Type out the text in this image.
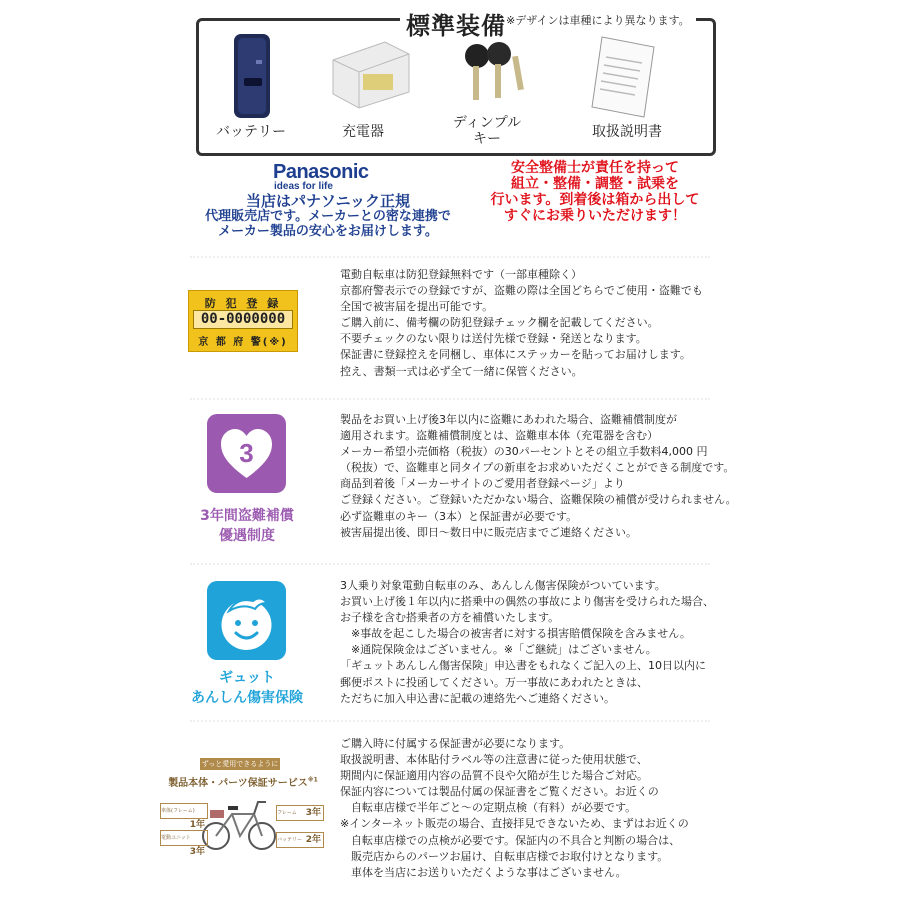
標準装備$^{※デザインは車種により異なります。}$
バッテリー	充電器
ディンプル
キー	取扱説明書
Panasonic
ideas for life
当店はパナソニック正規
代理販売店です。メーカーとの密な連携で
メーカー製品の安心をお届けします。
安全整備士が責任を持って
組立・整備・調整・試乗を
行います。到着後は箱から出して
すぐにお乗りいただけます！
防 犯 登 録
00-0000000
京 都 府 警(※)
電動自転車は防犯登録無料です（一部車種除く）
京都府警表示での登録ですが、盗難の際は全国どちらでご使用・盗難でも
全国で被害届を提出可能です。
ご購入前に、備考欄の防犯登録チェック欄を記載してください。
不要チェックのない限りは送付先様で登録・発送となります。
保証書に登録控えを同梱し、車体にステッカーを貼ってお届けします。
控え、書類一式は必ず全て一緒に保管ください。
3
3年間盗難補償
優遇制度
製品をお買い上げ後3年以内に盗難にあわれた場合、盗難補償制度が
適用されます。盗難補償制度とは、盗難車本体（充電器を含む）
メーカー希望小売価格（税抜）の30パーセントとその組立手数料4,000 円
（税抜）で、盗難車と同タイプの新車をお求めいただくことができる制度です。
商品到着後「メーカーサイトのご愛用者登録ページ」より
ご登録ください。ご登録いただかない場合、盗難保険の補償が受けられません。
必ず盗難車のキー（3本）と保証書が必要です。
被害届提出後、即日～数日中に販売店までご連絡ください。
ギュット
あんしん傷害保険
3人乗り対象電動自転車のみ、あんしん傷害保険がついています。
お買い上げ後１年以内に搭乗中の偶然の事故により傷害を受けられた場合、
お子様を含む搭乗者の方を補償いたします。
　※事故を起こした場合の被害者に対する損害賠償保険を含みません。
　※通院保険金はございません。※「ご継続」はございません。
「ギュットあんしん傷害保険」申込書をもれなくご記入の上、10日以内に
郵便ポストに投函してください。万一事故にあわれたときは、
ただちに加入申込書に記載の連絡先へご連絡ください。
ずっと愛用できるように
製品本体・パーツ保証サービス$^{※1}$
車体(フレーム)
1年
電動ユニット
3年
フレーム 3年
バッテリー 2年
ご購入時に付属する保証書が必要になります。
取扱説明書、本体貼付ラベル等の注意書に従った使用状態で、
期間内に保証適用内容の品質不良や欠陥が生じた場合ご対応。
保証内容については製品付属の保証書をご覧ください。お近くの
　自転車店様で半年ごと〜の定期点検（有料）が必要です。
※インターネット販売の場合、直接拝見できないため、まずはお近くの
　自転車店様での点検が必要です。保証内の不具合と判断の場合は、
　販売店からのパーツお届け、自転車店様でお取付けとなります。
　車体を当店にお送りいただくような事はございません。
